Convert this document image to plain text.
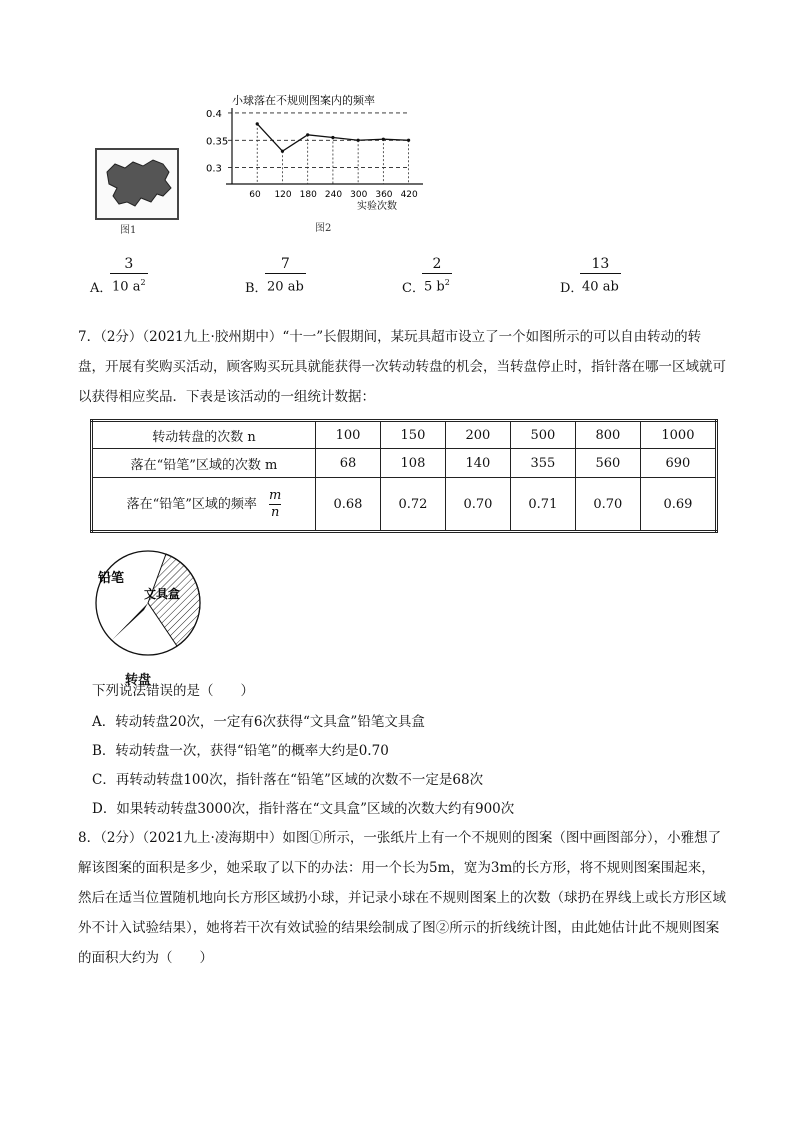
图1
小球落在不规则图案内的频率
0.3
0.35
0.4
60 120 180 240 300 360 420
实验次数
图2
A．
3
10 $a^2$	B．
7
20 ab	C．
2
5 $b^2$	D．
13
40 ab
7．（2分）（2021九上·胶州期中）“十一”长假期间，某玩具超市设立了一个如图所示的可以自由转动的转盘，开展有奖购买活动，顾客购买玩具就能获得一次转动转盘的机会，当转盘停止时，指针落在哪一区域就可以获得相应奖品．下表是该活动的一组统计数据：
转动转盘的次数 n	100	150	200	500	800	1000
落在“铅笔”区域的次数 m	68	108	140	355	560	690
落在“铅笔”区域的频率 $\frac{m}{n}$	0.68	0.72	0.70	0.71	0.70	0.69
铅笔
文具盒
转盘
下列说法错误的是（　　）
A．转动转盘20次，一定有6次获得“文具盒”铅笔文具盒
B．转动转盘一次，获得“铅笔”的概率大约是0.70
C．再转动转盘100次，指针落在“铅笔”区域的次数不一定是68次
D．如果转动转盘3000次，指针落在“文具盒”区域的次数大约有900次
8．（2分）（2021九上·凌海期中）如图①所示，一张纸片上有一个不规则的图案（图中画图部分），小雅想了解该图案的面积是多少，她采取了以下的办法：用一个长为5m，宽为3m的长方形，将不规则图案围起来，然后在适当位置随机地向长方形区域扔小球，并记录小球在不规则图案上的次数（球扔在界线上或长方形区域外不计入试验结果），她将若干次有效试验的结果绘制成了图②所示的折线统计图，由此她估计此不规则图案的面积大约为（　　）
